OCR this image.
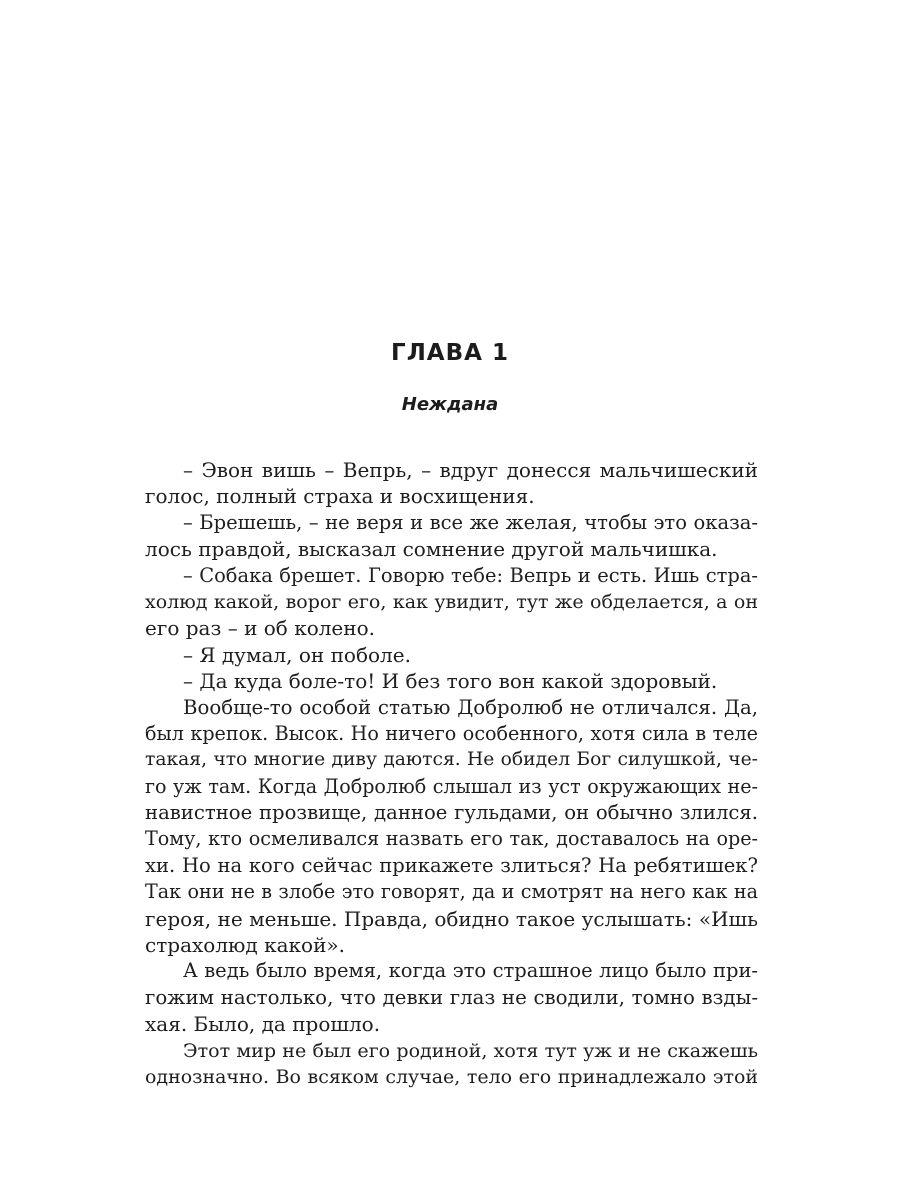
ГЛАВА 1
Неждана
– Эвон вишь – Вепрь, – вдруг донесся мальчишеский
голос, полный страха и восхищения.
– Брешешь, – не веря и все же желая, чтобы это оказа-
лось правдой, высказал сомнение другой мальчишка.
– Собака брешет. Говорю тебе: Вепрь и есть. Ишь стра-
холюд какой, ворог его, как увидит, тут же обделается, а он
его раз – и об колено.
– Я думал, он поболе.
– Да куда боле-то! И без того вон какой здоровый.
Вообще-то особой статью Добролюб не отличался. Да,
был крепок. Высок. Но ничего особенного, хотя сила в теле
такая, что многие диву даются. Не обидел Бог силушкой, че-
го уж там. Когда Добролюб слышал из уст окружающих не-
навистное прозвище, данное гульдами, он обычно злился.
Тому, кто осмеливался назвать его так, доставалось на оре-
хи. Но на кого сейчас прикажете злиться? На ребятишек?
Так они не в злобе это говорят, да и смотрят на него как на
героя, не меньше. Правда, обидно такое услышать: «Ишь
страхолюд какой».
А ведь было время, когда это страшное лицо было при-
гожим настолько, что девки глаз не сводили, томно взды-
хая. Было, да прошло.
Этот мир не был его родиной, хотя тут уж и не скажешь
однозначно. Во всяком случае, тело его принадлежало этой
